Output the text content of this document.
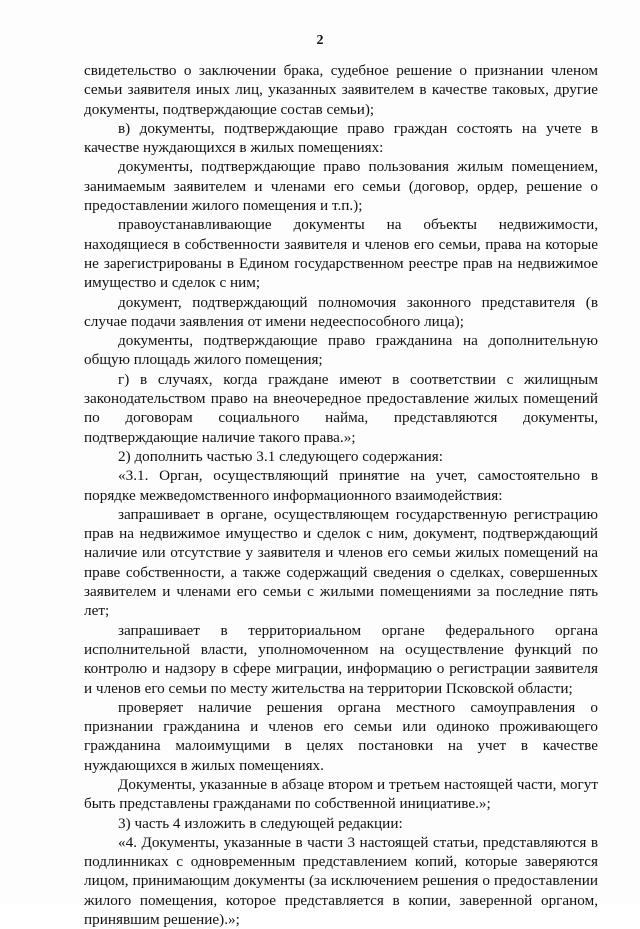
2

свидетельство о заключении брака, судебное решение о признании членом семьи заявителя иных лиц, указанных заявителем в качестве таковых, другие документы, подтверждающие состав семьи);

в) документы, подтверждающие право граждан состоять на учете в качестве нуждающихся в жилых помещениях:

документы, подтверждающие право пользования жилым помещением, занимаемым заявителем и членами его семьи (договор, ордер, решение о предоставлении жилого помещения и т.п.);

правоустанавливающие документы на объекты недвижимости, находящиеся в собственности заявителя и членов его семьи, права на которые не зарегистрированы в Едином государственном реестре прав на недвижимое имущество и сделок с ним;

документ, подтверждающий полномочия законного представителя (в случае подачи заявления от имени недееспособного лица);

документы, подтверждающие право гражданина на дополнительную общую площадь жилого помещения;

г) в случаях, когда граждане имеют в соответствии с жилищным законодательством право на внеочередное предоставление жилых помещений по договорам социального найма, представляются документы, подтверждающие наличие такого права.»;

2) дополнить частью 3.1 следующего содержания:

«3.1. Орган, осуществляющий принятие на учет, самостоятельно в порядке межведомственного информационного взаимодействия:

запрашивает в органе, осуществляющем государственную регистрацию прав на недвижимое имущество и сделок с ним, документ, подтверждающий наличие или отсутствие у заявителя и членов его семьи жилых помещений на праве собственности, а также содержащий сведения о сделках, совершенных заявителем и членами его семьи с жилыми помещениями за последние пять лет;

запрашивает в территориальном органе федерального органа исполнительной власти, уполномоченном на осуществление функций по контролю и надзору в сфере миграции, информацию о регистрации заявителя и членов его семьи по месту жительства на территории Псковской области;

проверяет наличие решения органа местного самоуправления о признании гражданина и членов его семьи или одиноко проживающего гражданина малоимущими в целях постановки на учет в качестве нуждающихся в жилых помещениях.

Документы, указанные в абзаце втором и третьем настоящей части, могут быть представлены гражданами по собственной инициативе.»;

3) часть 4 изложить в следующей редакции:

«4. Документы, указанные в части 3 настоящей статьи, представляются в подлинниках с одновременным представлением копий, которые заверяются лицом, принимающим документы (за исключением решения о предоставлении жилого помещения, которое представляется в копии, заверенной органом, принявшим решение).»;
